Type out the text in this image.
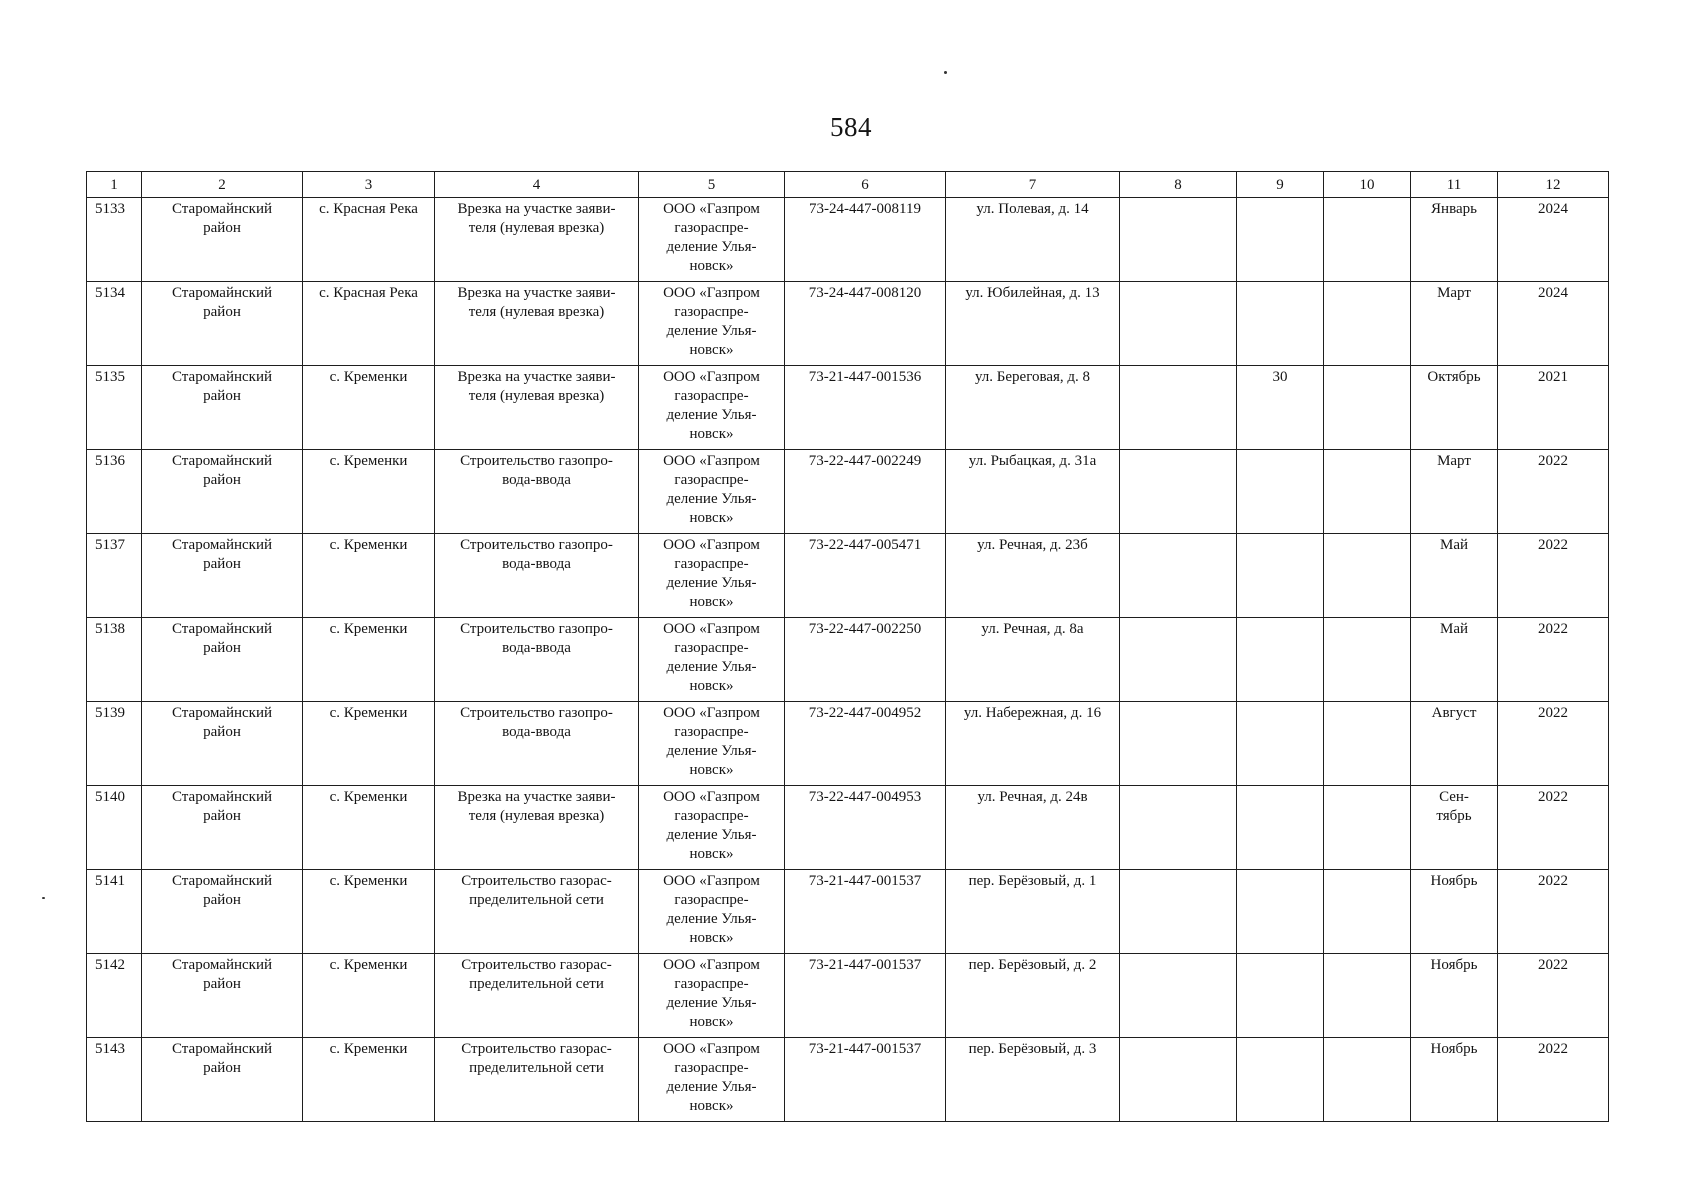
584
1	2	3	4	5	6	7	8	9	10	11	12
5133	Старомайнский
район	с. Красная Река	Врезка на участке заяви-
теля (нулевая врезка)	ООО «Газпром
газораспре-
деление Улья-
новск»	73-24-447-008119	ул. Полевая, д. 14				Январь	2024
5134	Старомайнский
район	с. Красная Река	Врезка на участке заяви-
теля (нулевая врезка)	ООО «Газпром
газораспре-
деление Улья-
новск»	73-24-447-008120	ул. Юбилейная, д. 13				Март	2024
5135	Старомайнский
район	с. Кременки	Врезка на участке заяви-
теля (нулевая врезка)	ООО «Газпром
газораспре-
деление Улья-
новск»	73-21-447-001536	ул. Береговая, д. 8		30		Октябрь	2021
5136	Старомайнский
район	с. Кременки	Строительство газопро-
вода-ввода	ООО «Газпром
газораспре-
деление Улья-
новск»	73-22-447-002249	ул. Рыбацкая, д. 31а				Март	2022
5137	Старомайнский
район	с. Кременки	Строительство газопро-
вода-ввода	ООО «Газпром
газораспре-
деление Улья-
новск»	73-22-447-005471	ул. Речная, д. 23б				Май	2022
5138	Старомайнский
район	с. Кременки	Строительство газопро-
вода-ввода	ООО «Газпром
газораспре-
деление Улья-
новск»	73-22-447-002250	ул. Речная, д. 8а				Май	2022
5139	Старомайнский
район	с. Кременки	Строительство газопро-
вода-ввода	ООО «Газпром
газораспре-
деление Улья-
новск»	73-22-447-004952	ул. Набережная, д. 16				Август	2022
5140	Старомайнский
район	с. Кременки	Врезка на участке заяви-
теля (нулевая врезка)	ООО «Газпром
газораспре-
деление Улья-
новск»	73-22-447-004953	ул. Речная, д. 24в				Сен-
тябрь	2022
5141	Старомайнский
район	с. Кременки	Строительство газорас-
пределительной сети	ООО «Газпром
газораспре-
деление Улья-
новск»	73-21-447-001537	пер. Берёзовый, д. 1				Ноябрь	2022
5142	Старомайнский
район	с. Кременки	Строительство газорас-
пределительной сети	ООО «Газпром
газораспре-
деление Улья-
новск»	73-21-447-001537	пер. Берёзовый, д. 2				Ноябрь	2022
5143	Старомайнский
район	с. Кременки	Строительство газорас-
пределительной сети	ООО «Газпром
газораспре-
деление Улья-
новск»	73-21-447-001537	пер. Берёзовый, д. 3				Ноябрь	2022
